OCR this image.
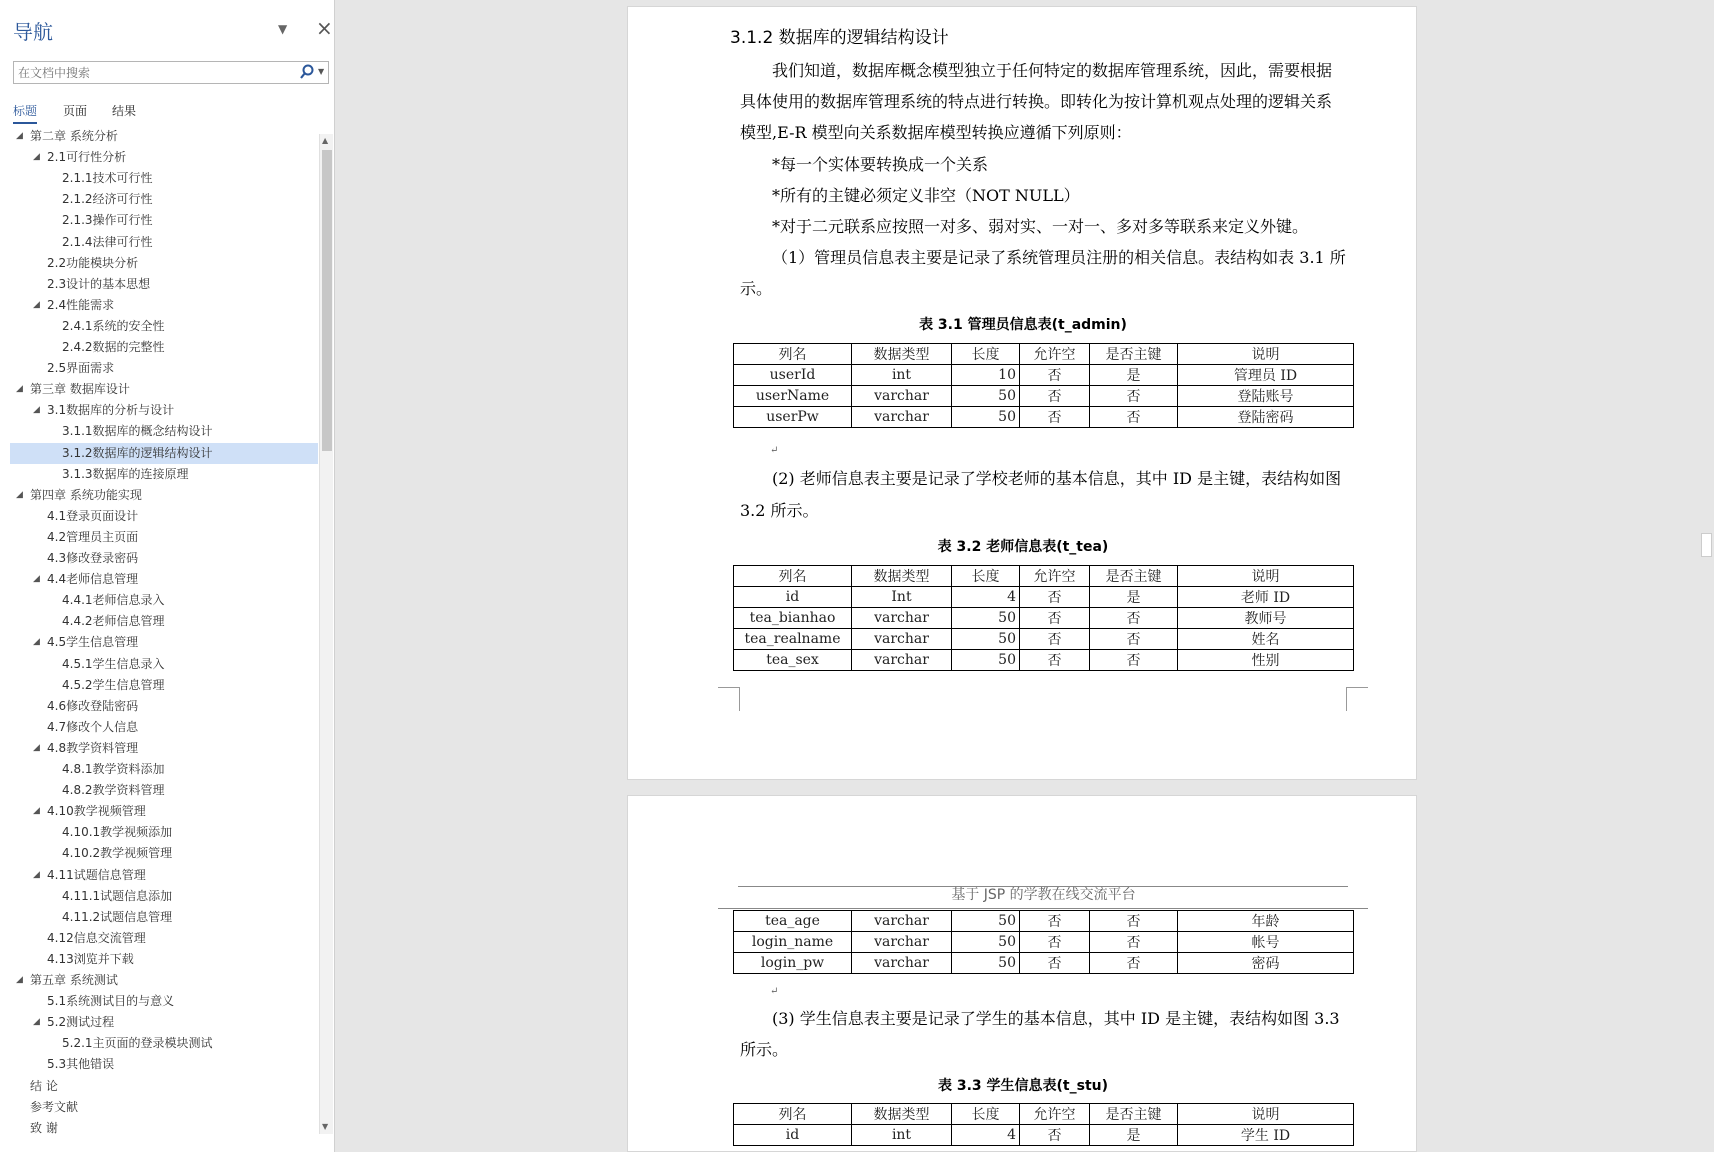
导航	▼ ×
在文档中搜索
▼
标题 页面 结果
◢ 第二章 系统分析
◢ 2.1可行性分析
2.1.1技术可行性
2.1.2经济可行性
2.1.3操作可行性
2.1.4法律可行性
2.2功能模块分析
2.3设计的基本思想
◢ 2.4性能需求
2.4.1系统的安全性
2.4.2数据的完整性
2.5界面需求
◢ 第三章 数据库设计
◢ 3.1数据库的分析与设计
3.1.1数据库的概念结构设计
3.1.2数据库的逻辑结构设计
3.1.3数据库的连接原理
◢ 第四章 系统功能实现
4.1登录页面设计
4.2管理员主页面
4.3修改登录密码
◢ 4.4老师信息管理
4.4.1老师信息录入
4.4.2老师信息管理
◢ 4.5学生信息管理
4.5.1学生信息录入
4.5.2学生信息管理
4.6修改登陆密码
4.7修改个人信息
◢ 4.8教学资料管理
4.8.1教学资料添加
4.8.2教学资料管理
◢ 4.10教学视频管理
4.10.1教学视频添加
4.10.2教学视频管理
◢ 4.11试题信息管理
4.11.1试题信息添加
4.11.2试题信息管理
4.12信息交流管理
4.13浏览并下载
◢ 第五章 系统测试
5.1系统测试目的与意义
◢ 5.2测试过程
5.2.1主页面的登录模块测试
5.3其他错误
结 论
参考文献
致 谢
▲
▼
3.1.2 数据库的逻辑结构设计
我们知道，数据库概念模型独立于任何特定的数据库管理系统，因此，需要根据
具体使用的数据库管理系统的特点进行转换。即转化为按计算机观点处理的逻辑关系
模型,E-R 模型向关系数据库模型转换应遵循下列原则：
*每一个实体要转换成一个关系
*所有的主键必须定义非空（NOT NULL）
*对于二元联系应按照一对多、弱对实、一对一、多对多等联系来定义外键。
（1）管理员信息表主要是记录了系统管理员注册的相关信息。表结构如表 3.1 所
示。
表 3.1 管理员信息表(t_admin)
列名	数据类型	长度	允许空	是否主键	说明
userId	int	10	否	是	管理员 ID
userName	varchar	50	否	否	登陆账号
userPw	varchar	50	否	否	登陆密码
↵
(2) 老师信息表主要是记录了学校老师的基本信息，其中 ID 是主键，表结构如图
3.2 所示。
表 3.2 老师信息表(t_tea)
列名	数据类型	长度	允许空	是否主键	说明
id	Int	4	否	是	老师 ID
tea_bianhao	varchar	50	否	否	教师号
tea_realname	varchar	50	否	否	姓名
tea_sex	varchar	50	否	否	性别
基于 JSP 的学教在线交流平台
tea_age	varchar	50	否	否	年龄
login_name	varchar	50	否	否	帐号
login_pw	varchar	50	否	否	密码
↵
(3) 学生信息表主要是记录了学生的基本信息，其中 ID 是主键，表结构如图 3.3
所示。
表 3.3 学生信息表(t_stu)
列名	数据类型	长度	允许空	是否主键	说明
id	int	4	否	是	学生 ID
